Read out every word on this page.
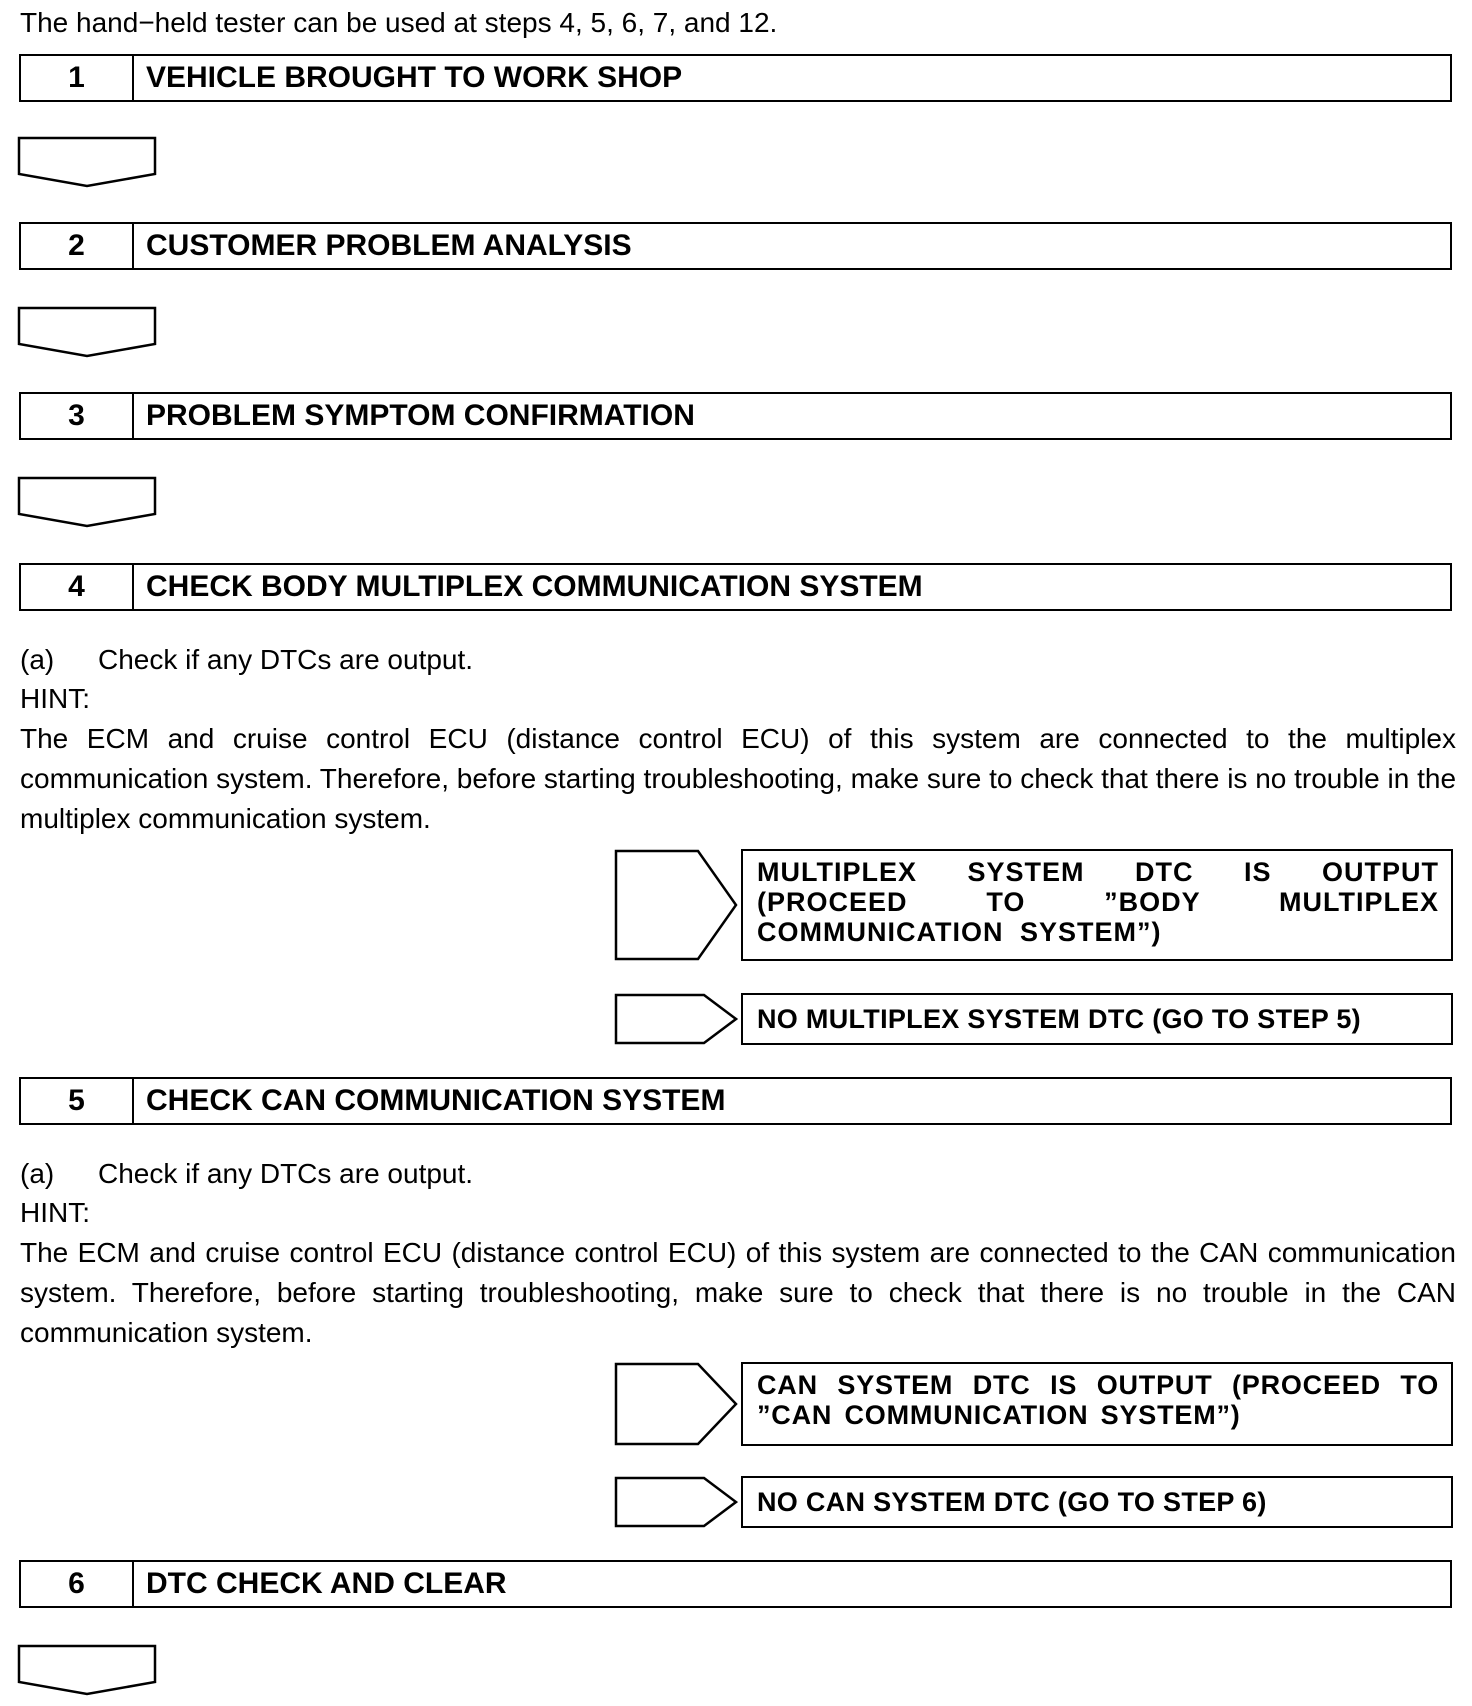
The hand−held tester can be used at steps 4, 5, 6, 7, and 12.
1	VEHICLE BROUGHT TO WORK SHOP
2	CUSTOMER PROBLEM ANALYSIS
3	PROBLEM SYMPTOM CONFIRMATION
4	CHECK BODY MULTIPLEX COMMUNICATION SYSTEM
(a) Check if any DTCs are output.
HINT:

The ECM and cruise control ECU (distance control ECU) of this system are connected to the multiplex communication system. Therefore, before starting troubleshooting, make sure to check that there is no trouble in the multiplex communication system.

MULTIPLEX SYSTEM DTC IS OUTPUT (PROCEED TO ”BODY MULTIPLEX COMMUNICATION SYSTEM”)
NO MULTIPLEX SYSTEM DTC (GO TO STEP 5)
5	CHECK CAN COMMUNICATION SYSTEM
(a) Check if any DTCs are output.
HINT:

The ECM and cruise control ECU (distance control ECU) of this system are connected to the CAN communication system. Therefore, before starting troubleshooting, make sure to check that there is no trouble in the CAN communication system.

CAN SYSTEM DTC IS OUTPUT (PROCEED TO ”CAN COMMUNICATION SYSTEM”)
NO CAN SYSTEM DTC (GO TO STEP 6)
6	DTC CHECK AND CLEAR
